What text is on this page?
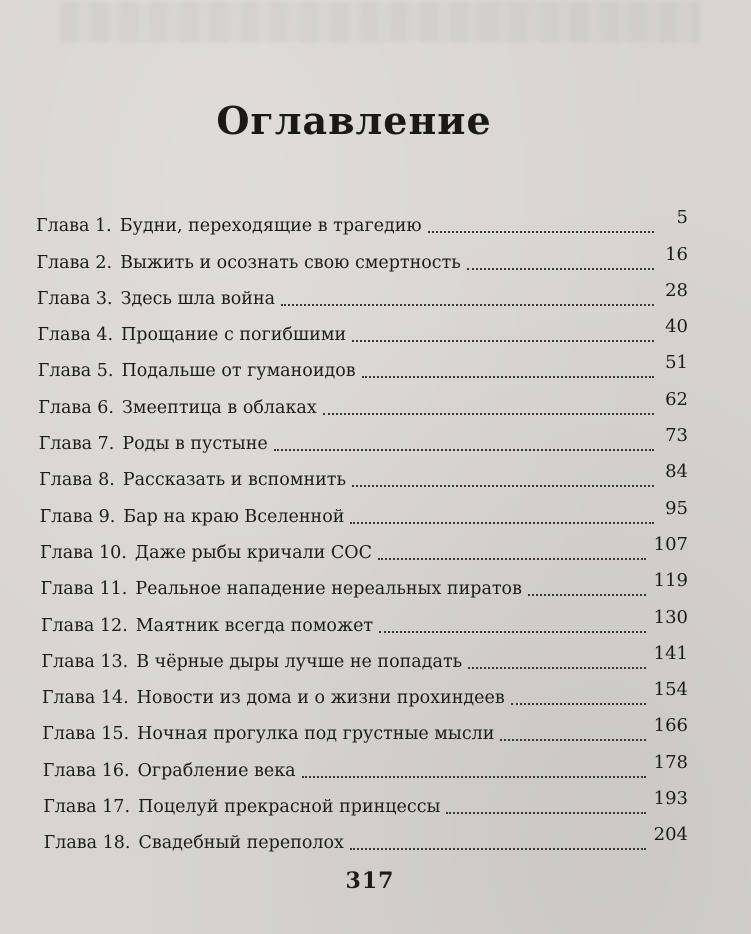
Оглавление
Глава 1. Будни, переходящие в трагедию	5
Глава 2. Выжить и осознать свою смертность	16
Глава 3. Здесь шла война	28
Глава 4. Прощание с погибшими	40
Глава 5. Подальше от гуманоидов	51
Глава 6. Змеептица в облаках	62
Глава 7. Роды в пустыне	73
Глава 8. Рассказать и вспомнить	84
Глава 9. Бар на краю Вселенной	95
Глава 10. Даже рыбы кричали СОС	107
Глава 11. Реальное нападение нереальных пиратов	119
Глава 12. Маятник всегда поможет	130
Глава 13. В чёрные дыры лучше не попадать	141
Глава 14. Новости из дома и о жизни прохиндеев	154
Глава 15. Ночная прогулка под грустные мысли	166
Глава 16. Ограбление века	178
Глава 17. Поцелуй прекрасной принцессы	193
Глава 18. Свадебный переполох	204
317
